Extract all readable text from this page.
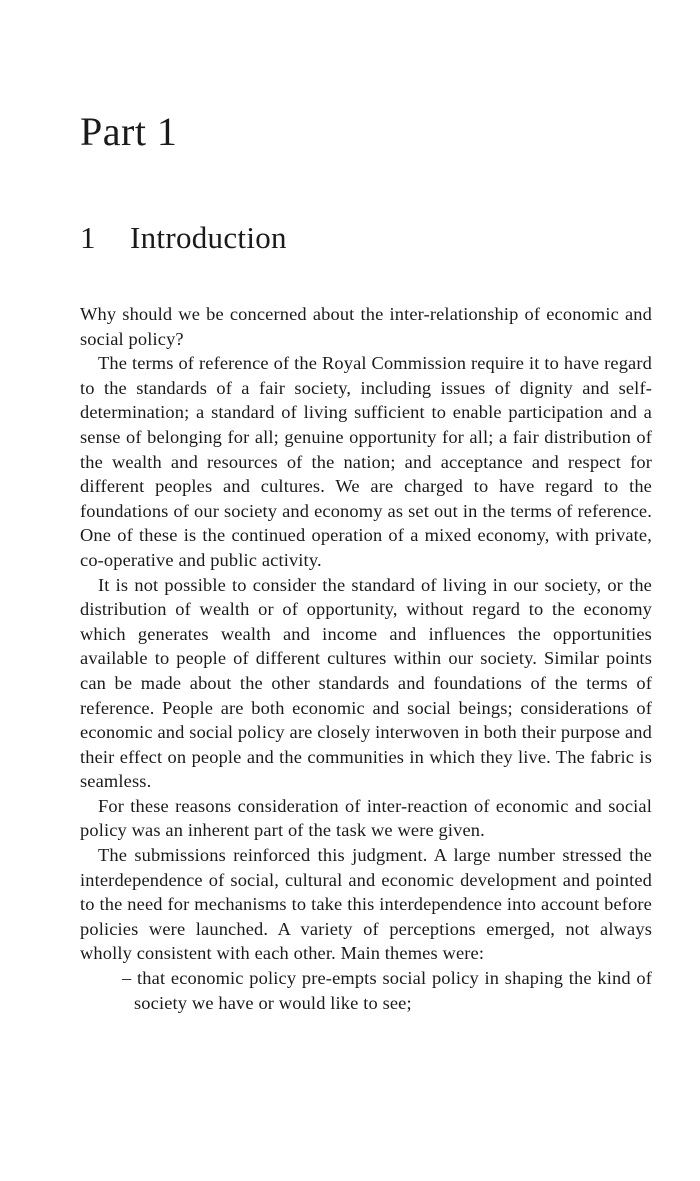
Part 1
1 Introduction

Why should we be concerned about the inter-relationship of economic and social policy?

The terms of reference of the Royal Commission require it to have regard to the standards of a fair society, including issues of dignity and self-determination; a standard of living sufficient to enable participation and a sense of belonging for all; genuine opportunity for all; a fair distribution of the wealth and resources of the nation; and acceptance and respect for different peoples and cultures. We are charged to have regard to the foundations of our society and economy as set out in the terms of reference. One of these is the continued operation of a mixed economy, with private, co-operative and public activity.

It is not possible to consider the standard of living in our society, or the distribution of wealth or of opportunity, without regard to the economy which generates wealth and income and influences the opportunities available to people of different cultures within our society. Similar points can be made about the other standards and foundations of the terms of reference. People are both economic and social beings; considerations of economic and social policy are closely interwoven in both their purpose and their effect on people and the communities in which they live. The fabric is seamless.

For these reasons consideration of inter-reaction of economic and social policy was an inherent part of the task we were given.

The submissions reinforced this judgment. A large number stressed the interdependence of social, cultural and economic development and pointed to the need for mechanisms to take this interdependence into account before policies were launched. A variety of perceptions emerged, not always wholly consistent with each other. Main themes were:

– that economic policy pre-empts social policy in shaping the kind of society we have or would like to see;
